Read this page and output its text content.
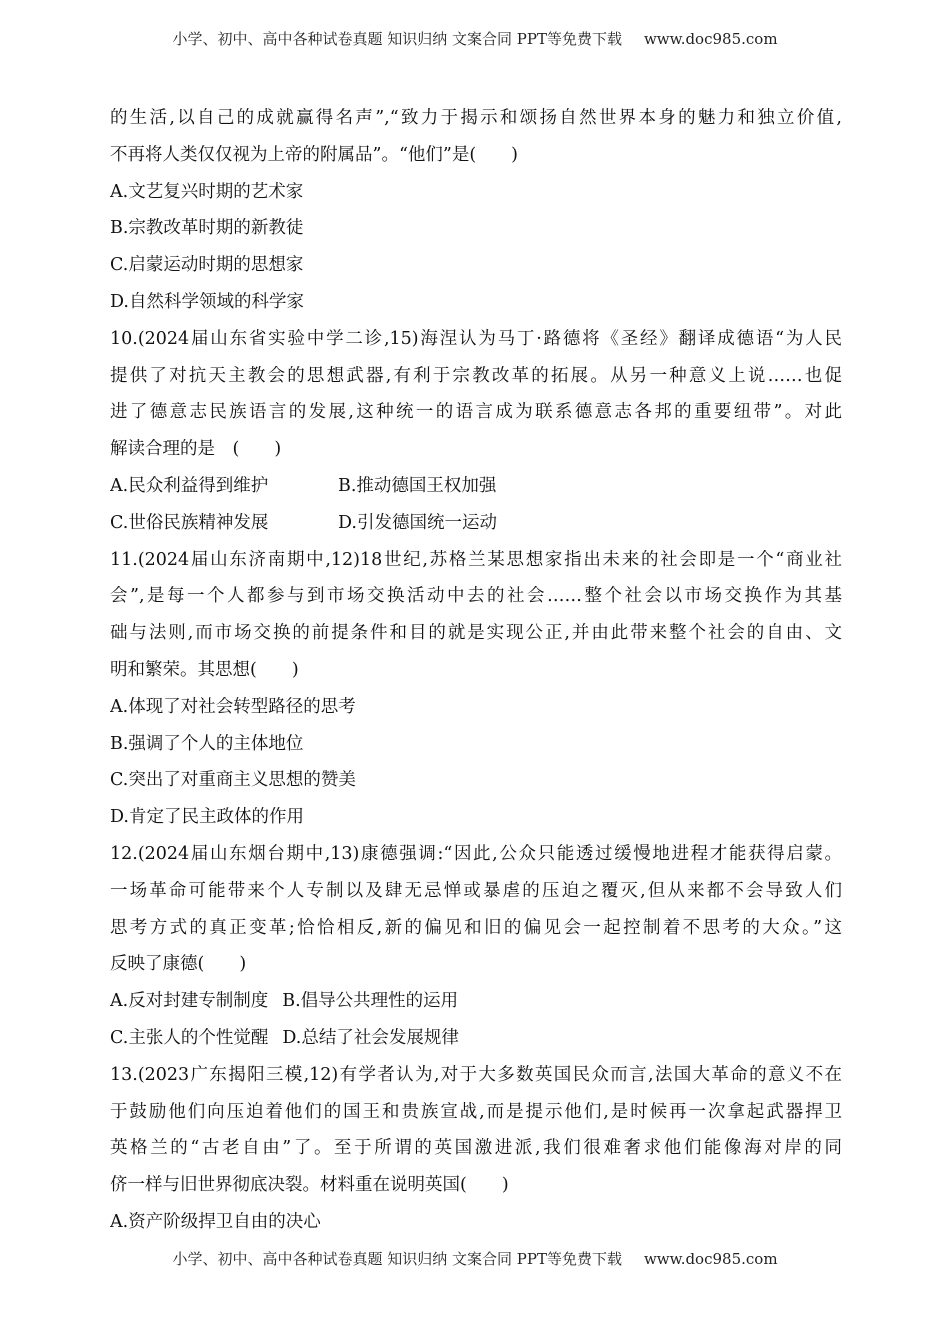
小学、初中、高中各种试卷真题 知识归纳 文案合同 PPT等免费下载 www.doc985.com
的生活,以自己的成就赢得名声”,“致力于揭示和颂扬自然世界本身的魅力和独立价值,
不再将人类仅仅视为上帝的附属品”。“他们”是(　　)
A.文艺复兴时期的艺术家
B.宗教改革时期的新教徒
C.启蒙运动时期的思想家
D.自然科学领域的科学家
10.(2024届山东省实验中学二诊,15)海涅认为马丁·路德将《圣经》翻译成德语“为人民
提供了对抗天主教会的思想武器,有利于宗教改革的拓展。从另一种意义上说……也促
进了德意志民族语言的发展,这种统一的语言成为联系德意志各邦的重要纽带”。对此
解读合理的是　(　　)
A.民众利益得到维护	B.推动德国王权加强
C.世俗民族精神发展	D.引发德国统一运动
11.(2024届山东济南期中,12)18世纪,苏格兰某思想家指出未来的社会即是一个“商业社
会”,是每一个人都参与到市场交换活动中去的社会……整个社会以市场交换作为其基
础与法则,而市场交换的前提条件和目的就是实现公正,并由此带来整个社会的自由、文
明和繁荣。其思想(　　)
A.体现了对社会转型路径的思考
B.强调了个人的主体地位
C.突出了对重商主义思想的赞美
D.肯定了民主政体的作用
12.(2024届山东烟台期中,13)康德强调:“因此,公众只能透过缓慢地进程才能获得启蒙。
一场革命可能带来个人专制以及肆无忌惮或暴虐的压迫之覆灭,但从来都不会导致人们
思考方式的真正变革;恰恰相反,新的偏见和旧的偏见会一起控制着不思考的大众。”这
反映了康德(　　)
A.反对封建专制制度 B.倡导公共理性的运用
C.主张人的个性觉醒 D.总结了社会发展规律
13.(2023广东揭阳三模,12)有学者认为,对于大多数英国民众而言,法国大革命的意义不在
于鼓励他们向压迫着他们的国王和贵族宣战,而是提示他们,是时候再一次拿起武器捍卫
英格兰的“古老自由”了。至于所谓的英国激进派,我们很难奢求他们能像海对岸的同
侪一样与旧世界彻底决裂。材料重在说明英国(　　)
A.资产阶级捍卫自由的决心
小学、初中、高中各种试卷真题 知识归纳 文案合同 PPT等免费下载 www.doc985.com
